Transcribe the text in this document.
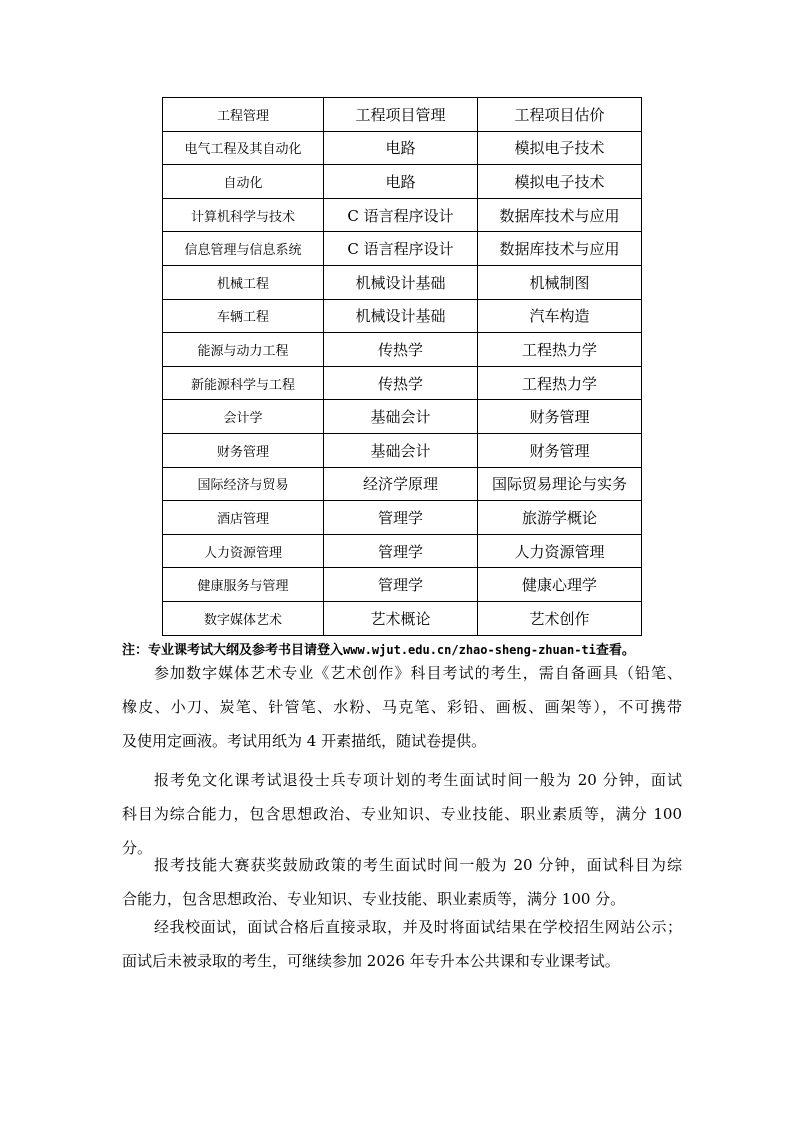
工程管理	工程项目管理	工程项目估价
电气工程及其自动化	电路	模拟电子技术
自动化	电路	模拟电子技术
计算机科学与技术	C 语言程序设计	数据库技术与应用
信息管理与信息系统	C 语言程序设计	数据库技术与应用
机械工程	机械设计基础	机械制图
车辆工程	机械设计基础	汽车构造
能源与动力工程	传热学	工程热力学
新能源科学与工程	传热学	工程热力学
会计学	基础会计	财务管理
财务管理	基础会计	财务管理
国际经济与贸易	经济学原理	国际贸易理论与实务
酒店管理	管理学	旅游学概论
人力资源管理	管理学	人力资源管理
健康服务与管理	管理学	健康心理学
数字媒体艺术	艺术概论	艺术创作
注：专业课考试大纲及参考书目请登入www.wjut.edu.cn/zhao-sheng-zhuan-ti查看。
参加数字媒体艺术专业《艺术创作》科目考试的考生，需自备画具（铅笔、
橡皮、小刀、炭笔、针管笔、水粉、马克笔、彩铅、画板、画架等），不可携带
及使用定画液。考试用纸为 4 开素描纸，随试卷提供。
报考免文化课考试退役士兵专项计划的考生面试时间一般为 20 分钟，面试
科目为综合能力，包含思想政治、专业知识、专业技能、职业素质等，满分 100
分。
报考技能大赛获奖鼓励政策的考生面试时间一般为 20 分钟，面试科目为综
合能力，包含思想政治、专业知识、专业技能、职业素质等，满分 100 分。
经我校面试，面试合格后直接录取，并及时将面试结果在学校招生网站公示；
面试后未被录取的考生，可继续参加 2026 年专升本公共课和专业课考试。
